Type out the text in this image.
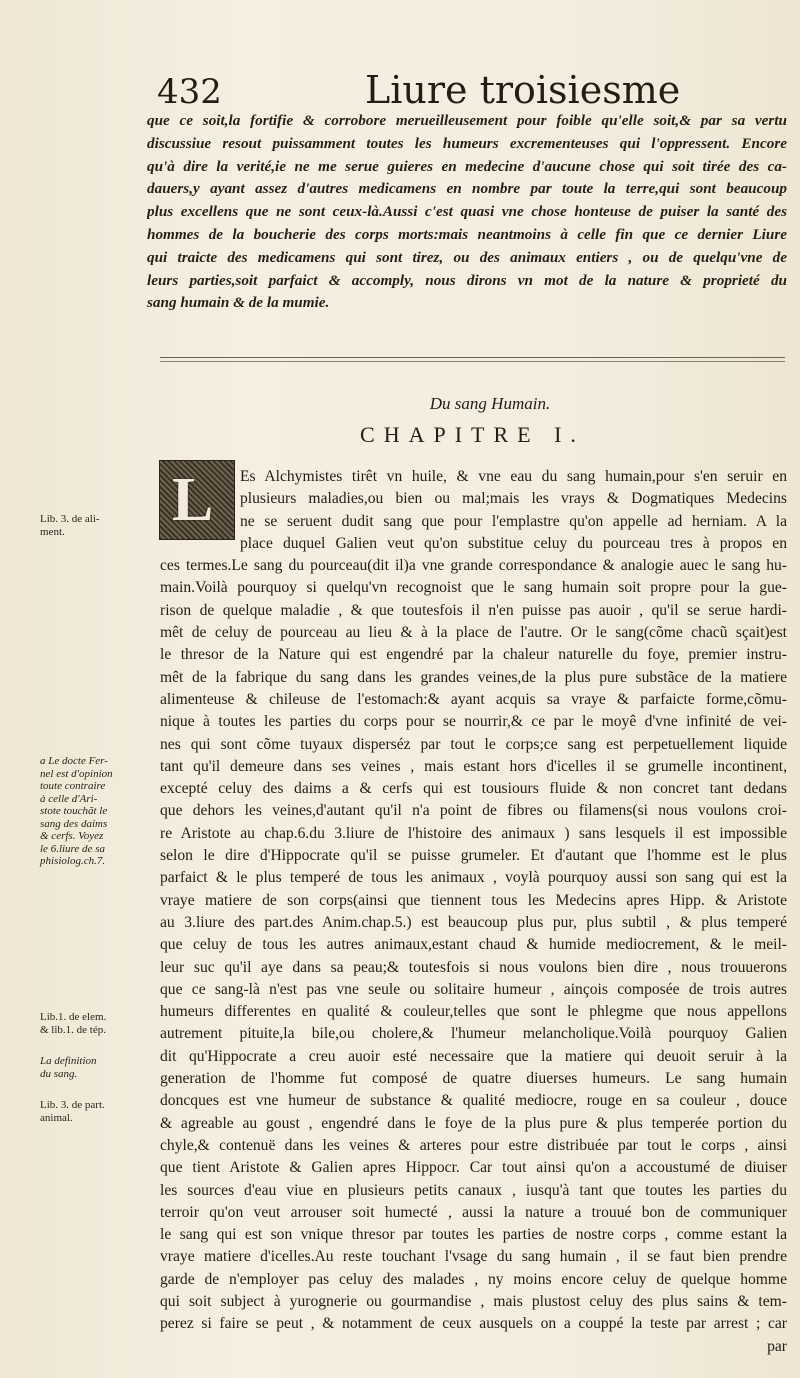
432	Liure troisiesme

que ce soit,la fortifie & corrobore merueilleusement pour foible qu'elle soit,& par sa vertu

discussiue resout puissamment toutes les humeurs excrementeuses qui l'oppressent. Encore

qu'à dire la verité,ie ne me serue guieres en medecine d'aucune chose qui soit tirée des ca-

dauers,y ayant assez d'autres medicamens en nombre par toute la terre,qui sont beaucoup

plus excellens que ne sont ceux-là.Aussi c'est quasi vne chose honteuse de puiser la santé des

hommes de la boucherie des corps morts:mais neantmoins à celle fin que ce dernier Liure

qui traicte des medicamens qui sont tirez, ou des animaux entiers , ou de quelqu'vne de

leurs parties,soit parfaict & accomply, nous dirons vn mot de la nature & proprieté du

sang humain & de la mumie.

Du sang Humain.
CHAPITRE I.
L	Es Alchymistes tirêt vn huile, & vne eau du sang humain,pour s'en seruir en
plusieurs maladies,ou bien ou mal;mais les vrays & Dogmatiques Medecins
ne se seruent dudit sang que pour l'emplastre qu'on appelle ad herniam. A la
place duquel Galien veut qu'on substitue celuy du pourceau tres à propos en
ces termes.Le sang du pourceau(dit il)a vne grande correspondance & analogie auec le sang hu-
main.Voilà pourquoy si quelqu'vn recognoist que le sang humain soit propre pour la gue-
rison de quelque maladie , & que toutesfois il n'en puisse pas auoir , qu'il se serue hardi-
mêt de celuy de pourceau au lieu & à la place de l'autre. Or le sang(cõme chacũ sçait)est
le thresor de la Nature qui est engendré par la chaleur naturelle du foye, premier instru-
mêt de la fabrique du sang dans les grandes veines,de la plus pure substãce de la matiere
alimenteuse & chileuse de l'estomach:& ayant acquis sa vraye & parfaicte forme,cõmu-
nique à toutes les parties du corps pour se nourrir,& ce par le moyê d'vne infinité de vei-
nes qui sont cõme tuyaux disperséz par tout le corps;ce sang est perpetuellement liquide
tant qu'il demeure dans ses veines , mais estant hors d'icelles il se grumelle incontinent,
excepté celuy des daims a & cerfs qui est tousiours fluide & non concret tant dedans
que dehors les veines,d'autant qu'il n'a point de fibres ou filamens(si nous voulons croi-
re Aristote au chap.6.du 3.liure de l'histoire des animaux ) sans lesquels il est impossible
selon le dire d'Hippocrate qu'il se puisse grumeler. Et d'autant que l'homme est le plus
parfaict & le plus temperé de tous les animaux , voylà pourquoy aussi son sang qui est la
vraye matiere de son corps(ainsi que tiennent tous les Medecins apres Hipp. & Aristote
au 3.liure des part.des Anim.chap.5.) est beaucoup plus pur, plus subtil , & plus temperé
que celuy de tous les autres animaux,estant chaud & humide mediocrement, & le meil-
leur suc qu'il aye dans sa peau;& toutesfois si nous voulons bien dire , nous trouuerons
que ce sang-là n'est pas vne seule ou solitaire humeur , ainçois composée de trois autres
humeurs differentes en qualité & couleur,telles que sont le phlegme que nous appellons
autrement pituite,la bile,ou cholere,& l'humeur melancholique.Voilà pourquoy Galien
dit qu'Hippocrate a creu auoir esté necessaire que la matiere qui deuoit seruir à la
generation de l'homme fut composé de quatre diuerses humeurs. Le sang humain
doncques est vne humeur de substance & qualité mediocre, rouge en sa couleur , douce
& agreable au goust , engendré dans le foye de la plus pure & plus temperée portion du
chyle,& contenuë dans les veines & arteres pour estre distribuée par tout le corps , ainsi
que tient Aristote & Galien apres Hippocr. Car tout ainsi qu'on a accoustumé de diuiser
les sources d'eau viue en plusieurs petits canaux , iusqu'à tant que toutes les parties du
terroir qu'on veut arrouser soit humecté , aussi la nature a trouué bon de communiquer
le sang qui est son vnique thresor par toutes les parties de nostre corps , comme estant la
vraye matiere d'icelles.Au reste touchant l'vsage du sang humain , il se faut bien prendre
garde de n'employer pas celuy des malades , ny moins encore celuy de quelque homme
qui soit subject à yurognerie ou gourmandise , mais plustost celuy des plus sains & tem-
perez si faire se peut , & notamment de ceux ausquels on a couppé la teste par arrest ; car
par
Lib. 3. de ali-
ment.
a Le docte Fer-
nel est d'opinion
toute contraire
à celle d'Ari-
stote touchãt le
sang des daims
& cerfs. Voyez
le 6.liure de sa
phisiolog.ch.7.
Lib.1. de elem.
& lib.1. de tép.
La definition
du sang.
Lib. 3. de part.
animal.
